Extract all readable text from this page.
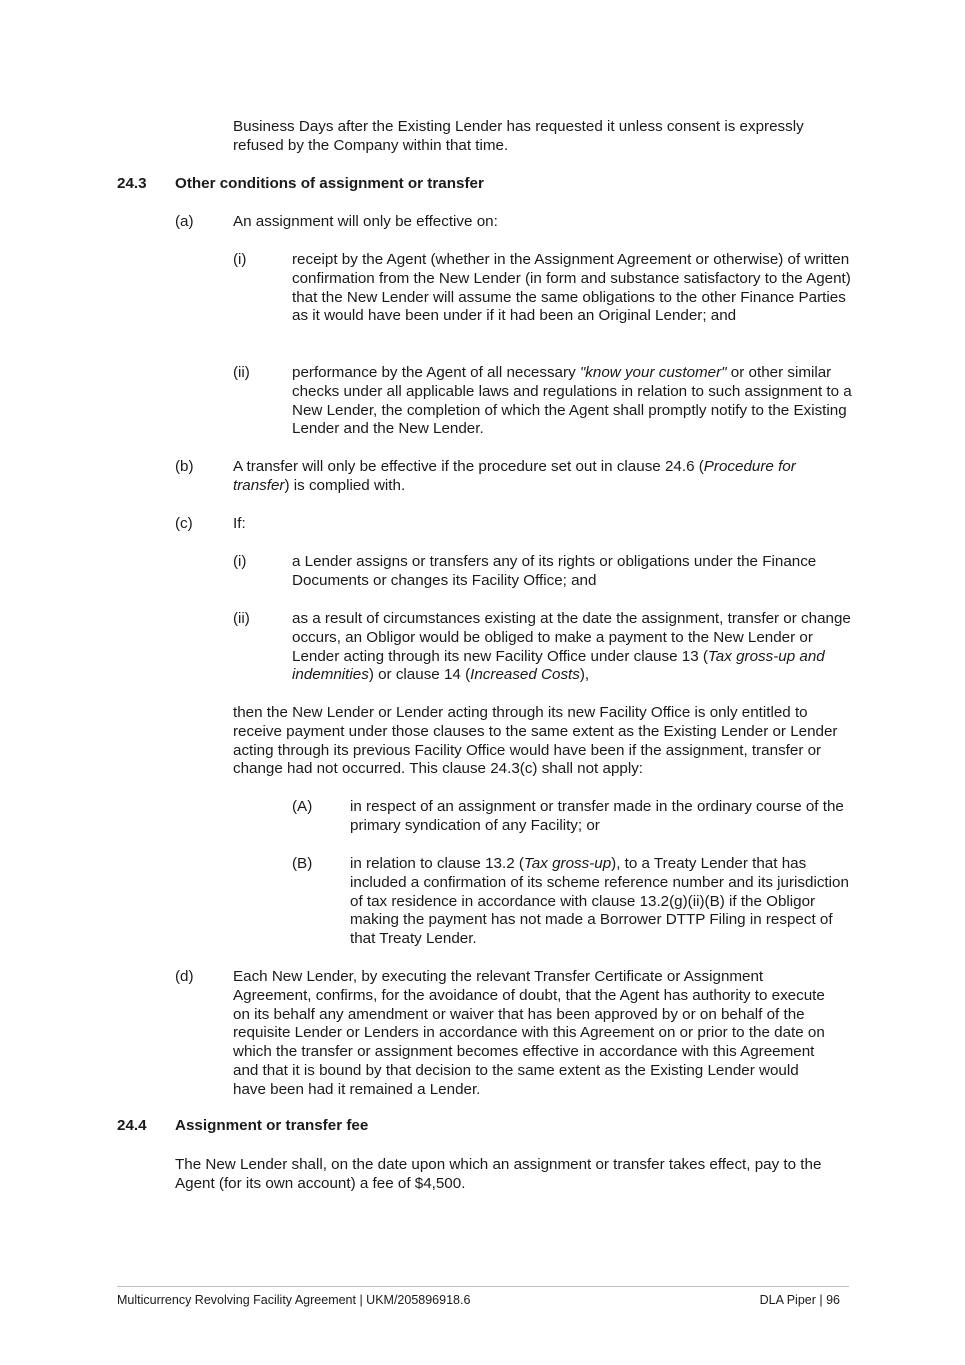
Business Days after the Existing Lender has requested it unless consent is expressly refused by the Company within that time.

24.3 Other conditions of assignment or transfer
(a)	An assignment will only be effective on:

(i)	receipt by the Agent (whether in the Assignment Agreement or otherwise) of written confirmation from the New Lender (in form and substance satisfactory to the Agent) that the New Lender will assume the same obligations to the other Finance Parties as it would have been under if it had been an Original Lender; and

(ii)	performance by the Agent of all necessary "know your customer" or other similar checks under all applicable laws and regulations in relation to such assignment to a New Lender, the completion of which the Agent shall promptly notify to the Existing Lender and the New Lender.

(b)	A transfer will only be effective if the procedure set out in clause 24.6 (Procedure for transfer) is complied with.

(c)	If:

(i)	a Lender assigns or transfers any of its rights or obligations under the Finance Documents or changes its Facility Office; and

(ii)	as a result of circumstances existing at the date the assignment, transfer or change occurs, an Obligor would be obliged to make a payment to the New Lender or Lender acting through its new Facility Office under clause 13 (Tax gross-up and indemnities) or clause 14 (Increased Costs),

then the New Lender or Lender acting through its new Facility Office is only entitled to receive payment under those clauses to the same extent as the Existing Lender or Lender acting through its previous Facility Office would have been if the assignment, transfer or change had not occurred. This clause 24.3(c) shall not apply:

(A) in respect of an assignment or transfer made in the ordinary course of the primary syndication of any Facility; or

(B) in relation to clause 13.2 (Tax gross-up), to a Treaty Lender that has included a confirmation of its scheme reference number and its jurisdiction of tax residence in accordance with clause 13.2(g)(ii)(B) if the Obligor making the payment has not made a Borrower DTTP Filing in respect of that Treaty Lender.

(d)	Each New Lender, by executing the relevant Transfer Certificate or Assignment Agreement, confirms, for the avoidance of doubt, that the Agent has authority to execute on its behalf any amendment or waiver that has been approved by or on behalf of the requisite Lender or Lenders in accordance with this Agreement on or prior to the date on which the transfer or assignment becomes effective in accordance with this Agreement and that it is bound by that decision to the same extent as the Existing Lender would have been had it remained a Lender.

24.4 Assignment or transfer fee

The New Lender shall, on the date upon which an assignment or transfer takes effect, pay to the Agent (for its own account) a fee of $4,500.

Multicurrency Revolving Facility Agreement | UKM/205896918.6	DLA Piper | 96
